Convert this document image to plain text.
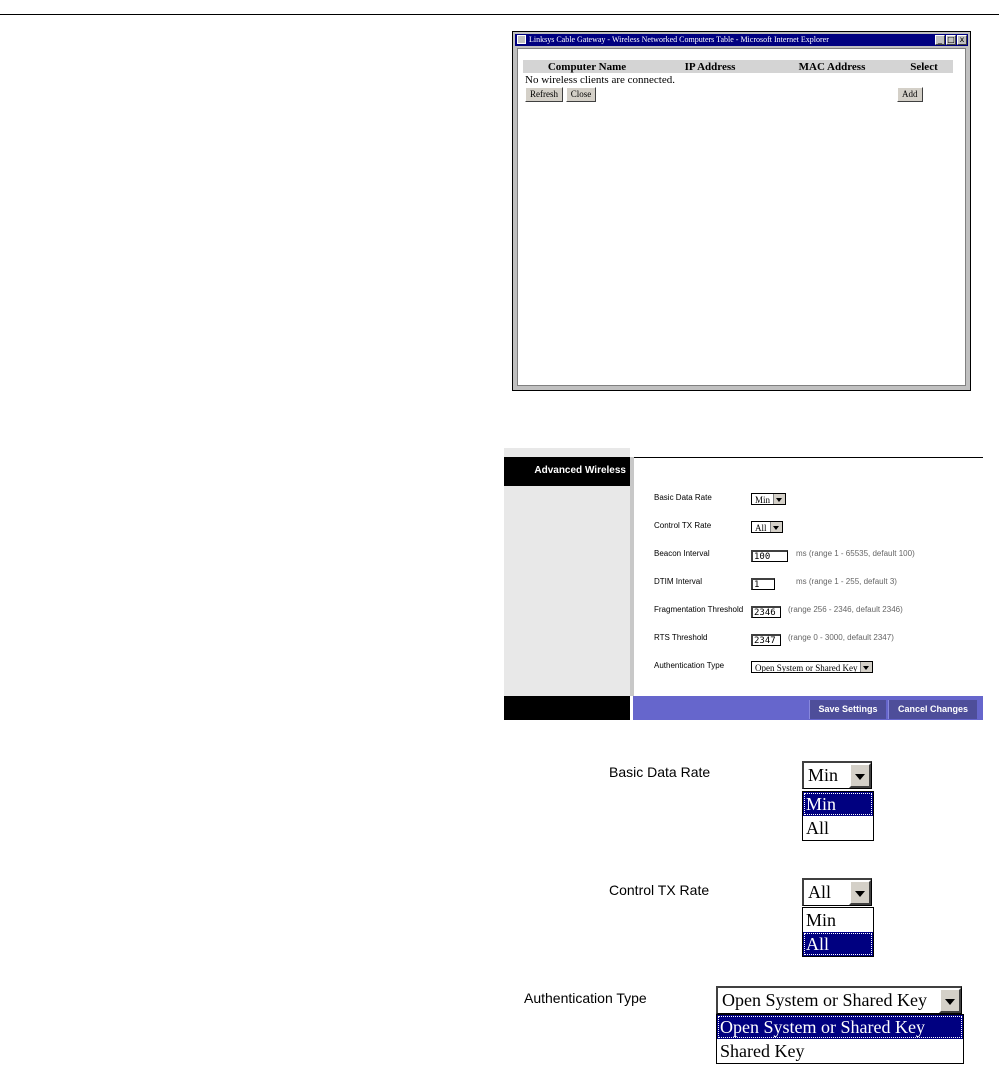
Linksys Cable Gateway - Wireless Networked Computers Table - Microsoft Internet Explorer	_ □ x
Computer Name	IP Address	MAC Address	Select
No wireless clients are connected.			
Refresh Close			Add
Advanced Wireless
Basic Data Rate	Min
Control TX Rate	All
Beacon Interval	100	ms (range 1 - 65535, default 100)
DTIM Interval	1	ms (range 1 - 255, default 3)
Fragmentation Threshold	2346	(range 256 - 2346, default 2346)
RTS Threshold	2347	(range 0 - 3000, default 2347)
Authentication Type	Open System or Shared Key
Save Settings	Cancel Changes
Basic Data Rate	Min
Min
All
Control TX Rate	All
Min
All
Authentication Type	Open System or Shared Key
Open System or Shared Key
Shared Key
